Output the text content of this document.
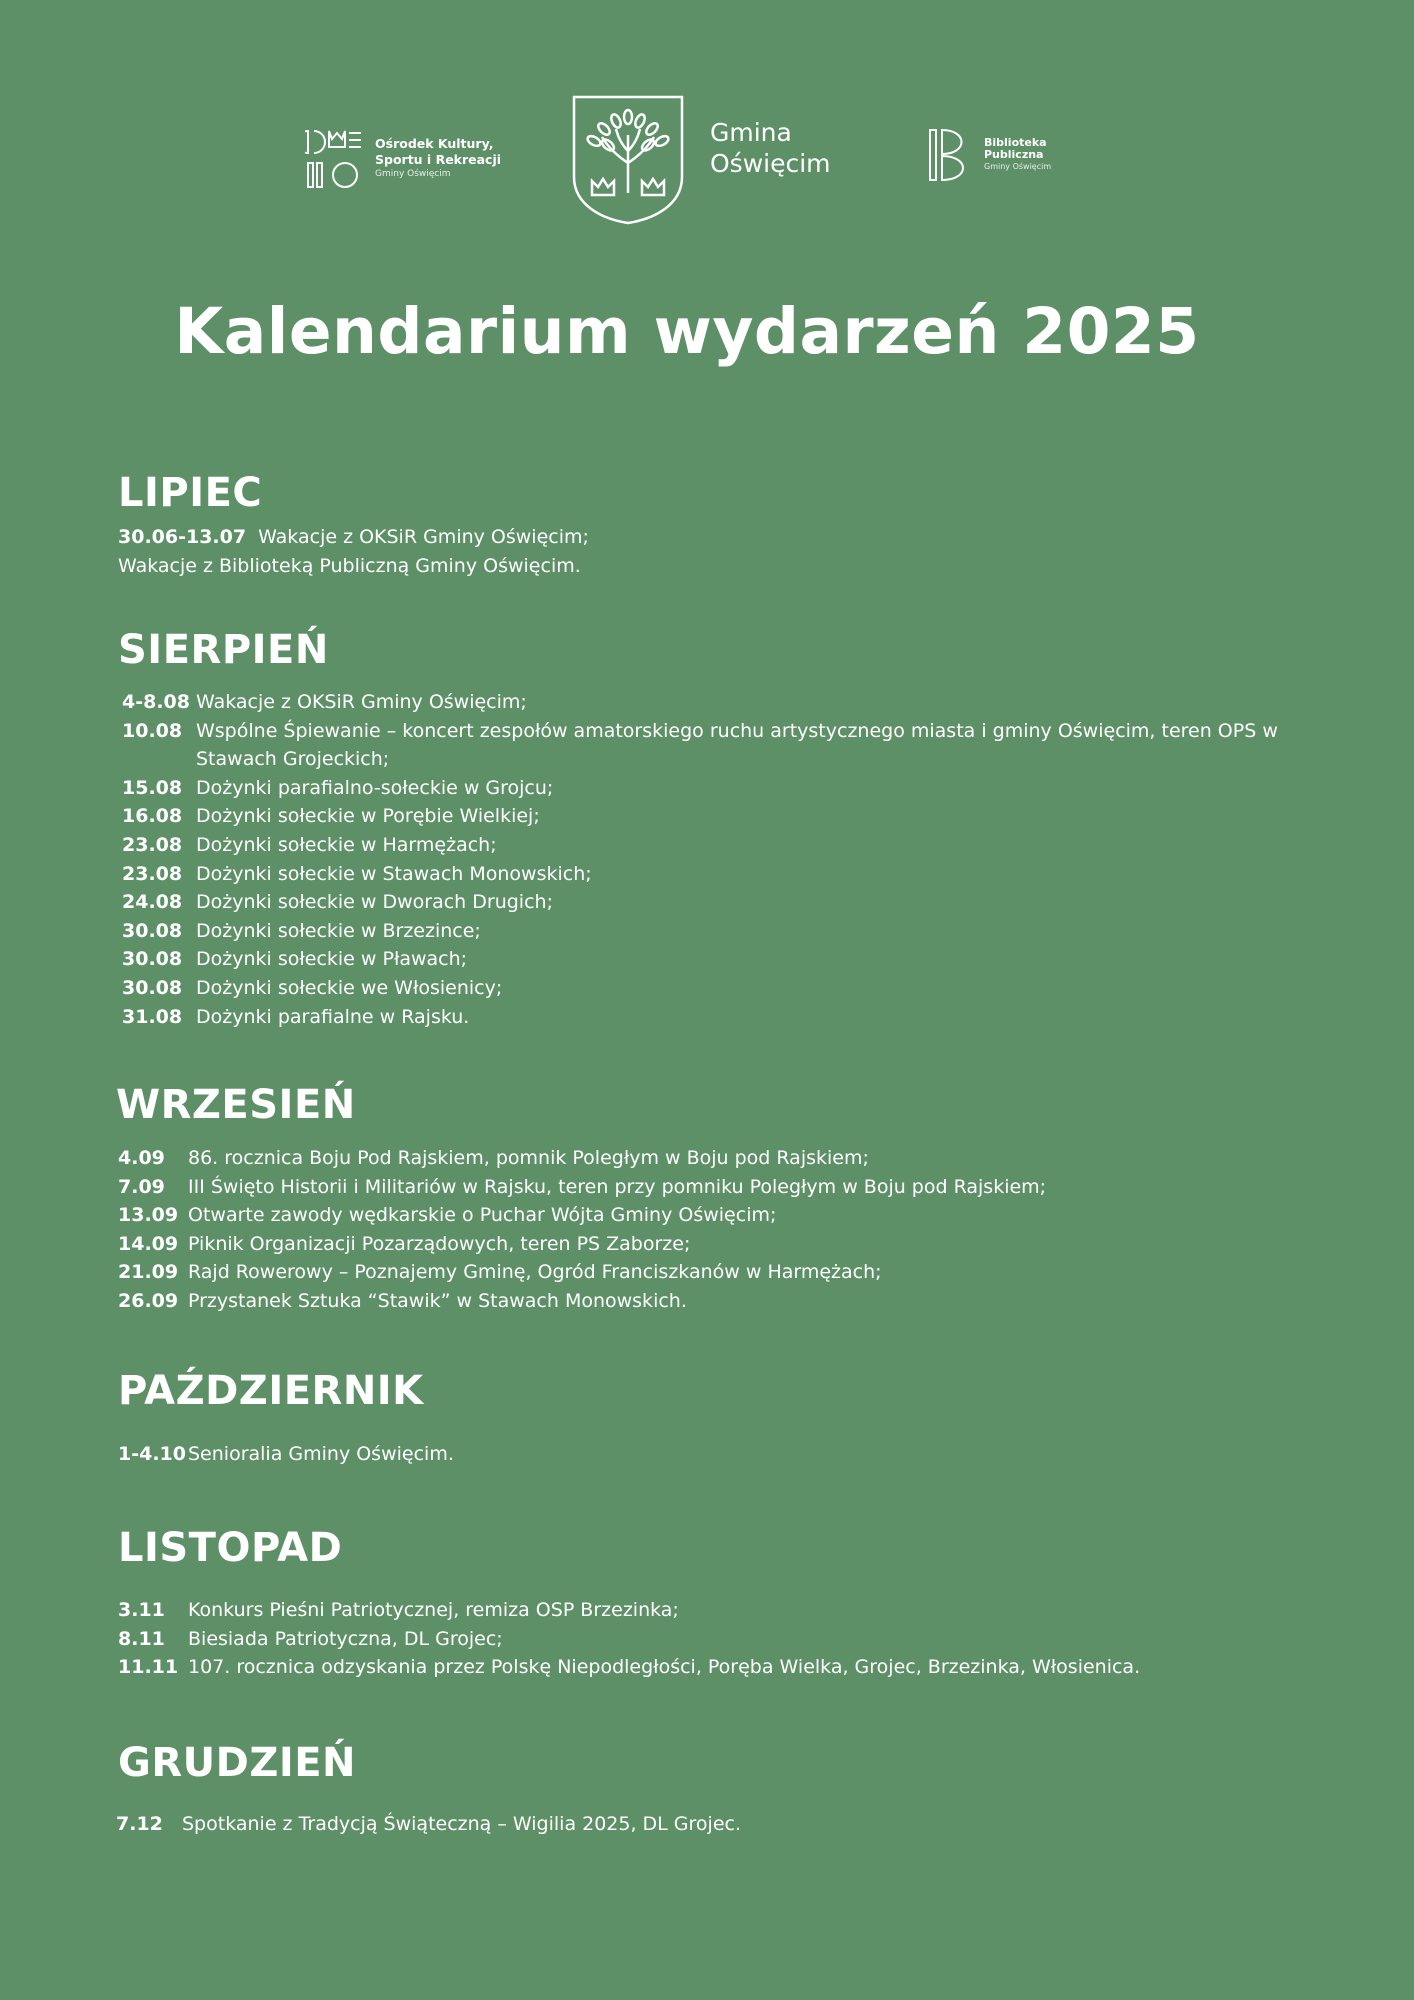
Ośrodek Kultury,
Sportu i Rekreacji
Gminy Oświęcim
Gmina
Oświęcim
Biblioteka
Publiczna
Gminy Oświęcim
Kalendarium wydarzeń 2025
LIPIEC
30.06-13.07 Wakacje z OKSiR Gminy Oświęcim;
Wakacje z Biblioteką Publiczną Gminy Oświęcim.
SIERPIEŃ
4-8.08 Wakacje z OKSiR Gminy Oświęcim;
10.08 Wspólne Śpiewanie – koncert zespołów amatorskiego ruchu artystycznego miasta i gminy Oświęcim, teren OPS w Stawach Grojeckich;
15.08 Dożynki parafialno-sołeckie w Grojcu;
16.08 Dożynki sołeckie w Porębie Wielkiej;
23.08 Dożynki sołeckie w Harmężach;
23.08 Dożynki sołeckie w Stawach Monowskich;
24.08 Dożynki sołeckie w Dworach Drugich;
30.08 Dożynki sołeckie w Brzezince;
30.08 Dożynki sołeckie w Pławach;
30.08 Dożynki sołeckie we Włosienicy;
31.08 Dożynki parafialne w Rajsku.
WRZESIEŃ
4.09	86. rocznica Boju Pod Rajskiem, pomnik Poległym w Boju pod Rajskiem;
7.09	III Święto Historii i Militariów w Rajsku, teren przy pomniku Poległym w Boju pod Rajskiem;
13.09 Otwarte zawody wędkarskie o Puchar Wójta Gminy Oświęcim;
14.09 Piknik Organizacji Pozarządowych, teren PS Zaborze;
21.09 Rajd Rowerowy – Poznajemy Gminę, Ogród Franciszkanów w Harmężach;
26.09 Przystanek Sztuka “Stawik” w Stawach Monowskich.
PAŹDZIERNIK
1-4.10 Senioralia Gminy Oświęcim.
LISTOPAD
3.11	Konkurs Pieśni Patriotycznej, remiza OSP Brzezinka;
8.11	Biesiada Patriotyczna, DL Grojec;
11.11 107. rocznica odzyskania przez Polskę Niepodległości, Poręba Wielka, Grojec, Brzezinka, Włosienica.
GRUDZIEŃ
7.12	Spotkanie z Tradycją Świąteczną – Wigilia 2025, DL Grojec.
